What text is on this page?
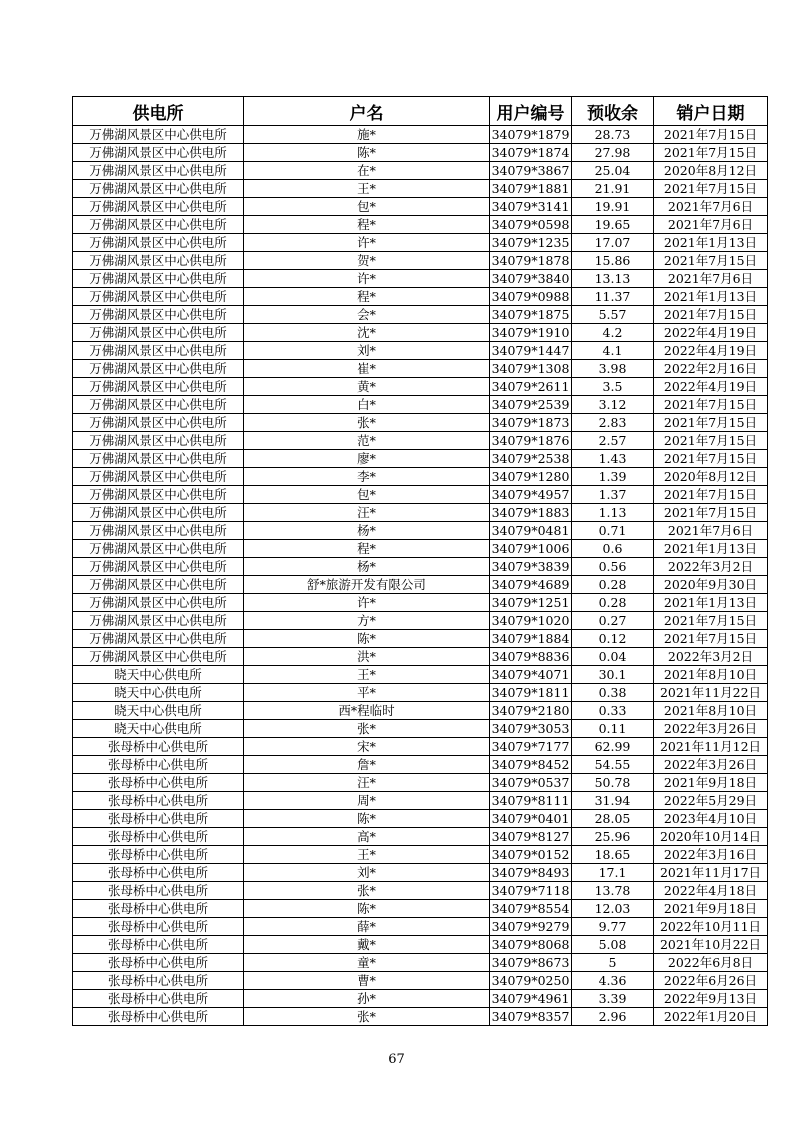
供电所	户名	用户编号	预收余	销户日期
万佛湖风景区中心供电所	施*	34079*1879	28.73	2021年7月15日
万佛湖风景区中心供电所	陈*	34079*1874	27.98	2021年7月15日
万佛湖风景区中心供电所	在*	34079*3867	25.04	2020年8月12日
万佛湖风景区中心供电所	王*	34079*1881	21.91	2021年7月15日
万佛湖风景区中心供电所	包*	34079*3141	19.91	2021年7月6日
万佛湖风景区中心供电所	程*	34079*0598	19.65	2021年7月6日
万佛湖风景区中心供电所	许*	34079*1235	17.07	2021年1月13日
万佛湖风景区中心供电所	贺*	34079*1878	15.86	2021年7月15日
万佛湖风景区中心供电所	许*	34079*3840	13.13	2021年7月6日
万佛湖风景区中心供电所	程*	34079*0988	11.37	2021年1月13日
万佛湖风景区中心供电所	会*	34079*1875	5.57	2021年7月15日
万佛湖风景区中心供电所	沈*	34079*1910	4.2	2022年4月19日
万佛湖风景区中心供电所	刘*	34079*1447	4.1	2022年4月19日
万佛湖风景区中心供电所	崔*	34079*1308	3.98	2022年2月16日
万佛湖风景区中心供电所	黄*	34079*2611	3.5	2022年4月19日
万佛湖风景区中心供电所	白*	34079*2539	3.12	2021年7月15日
万佛湖风景区中心供电所	张*	34079*1873	2.83	2021年7月15日
万佛湖风景区中心供电所	范*	34079*1876	2.57	2021年7月15日
万佛湖风景区中心供电所	廖*	34079*2538	1.43	2021年7月15日
万佛湖风景区中心供电所	李*	34079*1280	1.39	2020年8月12日
万佛湖风景区中心供电所	包*	34079*4957	1.37	2021年7月15日
万佛湖风景区中心供电所	汪*	34079*1883	1.13	2021年7月15日
万佛湖风景区中心供电所	杨*	34079*0481	0.71	2021年7月6日
万佛湖风景区中心供电所	程*	34079*1006	0.6	2021年1月13日
万佛湖风景区中心供电所	杨*	34079*3839	0.56	2022年3月2日
万佛湖风景区中心供电所	舒*旅游开发有限公司	34079*4689	0.28	2020年9月30日
万佛湖风景区中心供电所	许*	34079*1251	0.28	2021年1月13日
万佛湖风景区中心供电所	方*	34079*1020	0.27	2021年7月15日
万佛湖风景区中心供电所	陈*	34079*1884	0.12	2021年7月15日
万佛湖风景区中心供电所	洪*	34079*8836	0.04	2022年3月2日
晓天中心供电所	王*	34079*4071	30.1	2021年8月10日
晓天中心供电所	平*	34079*1811	0.38	2021年11月22日
晓天中心供电所	西*程临时	34079*2180	0.33	2021年8月10日
晓天中心供电所	张*	34079*3053	0.11	2022年3月26日
张母桥中心供电所	宋*	34079*7177	62.99	2021年11月12日
张母桥中心供电所	詹*	34079*8452	54.55	2022年3月26日
张母桥中心供电所	汪*	34079*0537	50.78	2021年9月18日
张母桥中心供电所	周*	34079*8111	31.94	2022年5月29日
张母桥中心供电所	陈*	34079*0401	28.05	2023年4月10日
张母桥中心供电所	高*	34079*8127	25.96	2020年10月14日
张母桥中心供电所	王*	34079*0152	18.65	2022年3月16日
张母桥中心供电所	刘*	34079*8493	17.1	2021年11月17日
张母桥中心供电所	张*	34079*7118	13.78	2022年4月18日
张母桥中心供电所	陈*	34079*8554	12.03	2021年9月18日
张母桥中心供电所	薛*	34079*9279	9.77	2022年10月11日
张母桥中心供电所	戴*	34079*8068	5.08	2021年10月22日
张母桥中心供电所	童*	34079*8673	5	2022年6月8日
张母桥中心供电所	曹*	34079*0250	4.36	2022年6月26日
张母桥中心供电所	孙*	34079*4961	3.39	2022年9月13日
张母桥中心供电所	张*	34079*8357	2.96	2022年1月20日
67
